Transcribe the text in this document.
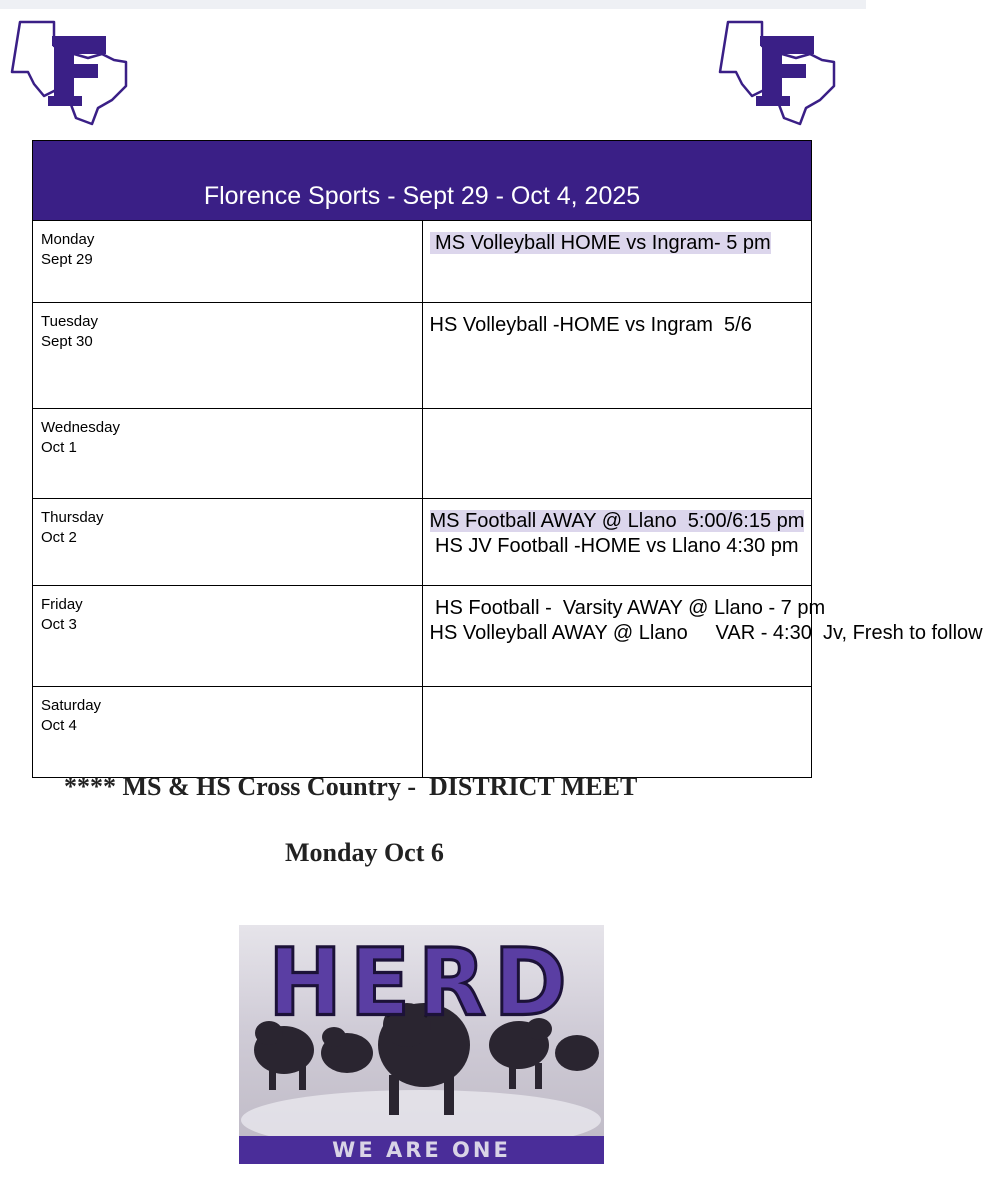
Florence Sports - Sept 29 - Oct 4, 2025	

Monday
Sept 29	MS Volleyball HOME vs Ingram- 5 pm

Tuesday
Sept 30	HS Volleyball -HOME vs Ingram  5/6

Wednesday
Oct 1	

Thursday
Oct 2	MS Football AWAY @ Llano  5:00/6:15 pm
HS JV Football -HOME vs Llano 4:30 pm

Friday
Oct 3	HS Football -  Varsity AWAY @ Llano - 7 pm
HS Volleyball AWAY @ Llano     VAR - 4:30  Jv, Fresh to follow

Saturday
Oct 4	

**** MS & HS Cross Country -  DISTRICT MEET
Monday Oct 6
HERD
WE ARE ONE
